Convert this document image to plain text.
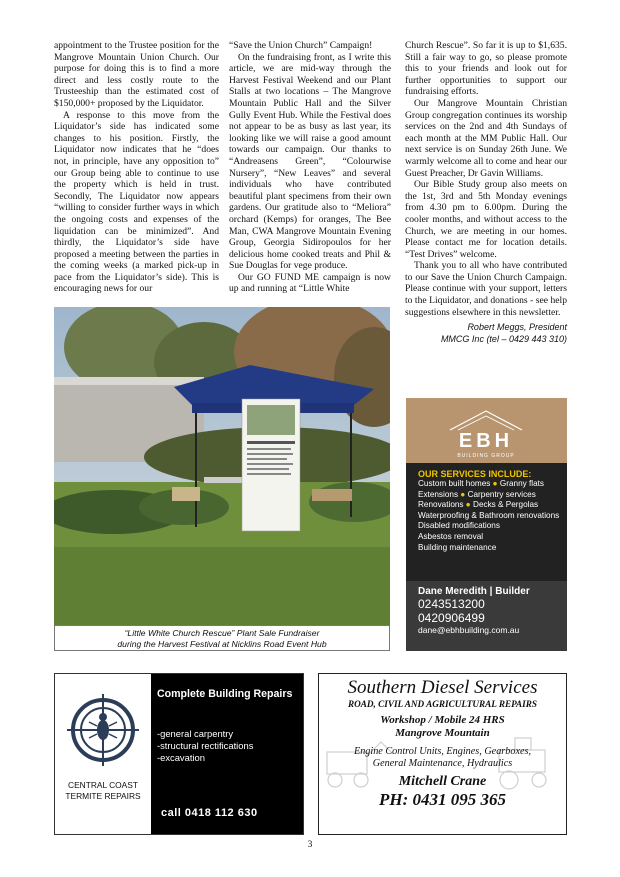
appointment to the Trustee position for the Mangrove Mountain Union Church. Our purpose for doing this is to find a more direct and less costly route to the Trusteeship than the estimated cost of $150,000+ proposed by the Liquidator.

A response to this move from the Liquidator’s side has indicated some changes to his position. Firstly, the Liquidator now indicates that he “does not, in principle, have any opposition to” our Group being able to continue to use the property which is held in trust. Secondly, The Liquidator now appears “willing to consider further ways in which the ongoing costs and expenses of the liquidation can be minimized”. And thirdly, the Liquidator’s side have proposed a meeting between the parties in the coming weeks (a marked pick-up in pace from the Liquidator’s side). This is encouraging news for our

“Save the Union Church” Campaign!

On the fundraising front, as I write this article, we are mid-way through the Harvest Festival Weekend and our Plant Stalls at two locations – The Mangrove Mountain Public Hall and the Silver Gully Event Hub. While the Festival does not appear to be as busy as last year, its looking like we will raise a good amount towards our campaign. Our thanks to “Andreasens Green”, “Colourwise Nursery”, “New Leaves” and several individuals who have contributed beautiful plant specimens from their own gardens. Our gratitude also to “Meliora” orchard (Kemps) for oranges, The Bee Man, CWA Mangrove Mountain Evening Group, Georgia Sidiropoulos for her delicious home cooked treats and Phil & Sue Douglas for vege produce.

Our GO FUND ME campaign is now up and running at “Little White

Church Rescue”. So far it is up to $1,635. Still a fair way to go, so please promote this to your friends and look out for further opportunities to support our fundraising efforts.

Our Mangrove Mountain Christian Group congregation continues its worship services on the 2nd and 4th Sundays of each month at the MM Public Hall. Our next service is on Sunday 26th June. We warmly welcome all to come and hear our Guest Preacher, Dr Gavin Williams.

Our Bible Study group also meets on the 1st, 3rd and 5th Monday evenings from 4.30 pm to 6.00pm. During the cooler months, and without access to the Church, we are meeting in our homes. Please contact me for location details. “Test Drives” welcome.

Thank you to all who have contributed to our Save the Union Church Campaign. Please continue with your support, letters to the Liquidator, and donations - see help suggestions elsewhere in this newsletter.

Robert Meggs, President
MMCG Inc (tel – 0429 443 310)
“Little White Church Rescue” Plant Sale Fundraiser
during the Harvest Festival at Nicklins Road Event Hub
EBH
BUILDING GROUP
OUR SERVICES INCLUDE:
Custom built homes ● Granny flats
Extensions ● Carpentry services
Renovations ● Decks & Pergolas
Waterproofing & Bathroom renovations
Disabled modifications
Asbestos removal
Building maintenance
Dane Meredith | Builder
0243513200
0420906499
dane@ebhbuilding.com.au
CENTRAL COAST
TERMITE REPAIRS
Complete Building Repairs
-general carpentry
-structural rectifications
-excavation
call 0418 112 630
Southern Diesel Services
ROAD, CIVIL AND AGRICULTURAL REPAIRS
Workshop / Mobile 24 HRS
Mangrove Mountain
Engine Control Units, Engines, Gearboxes,
General Maintenance, Hydraulics
Mitchell Crane
PH: 0431 095 365
3
